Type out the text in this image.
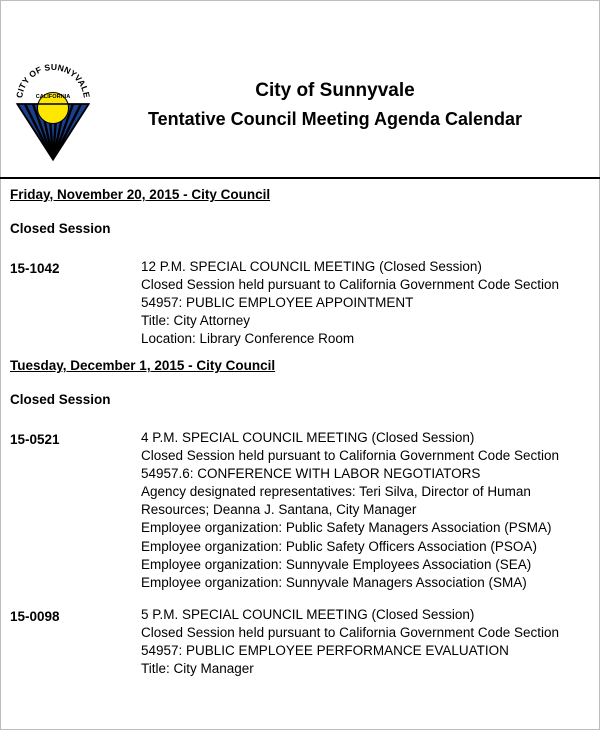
CITY OF SUNNYVALE
CALIFORNIA	City of Sunnyvale
Tentative Council Meeting Agenda Calendar
Friday, November 20, 2015 - City Council
Closed Session
15-1042	12 P.M. SPECIAL COUNCIL MEETING (Closed Session)
Closed Session held pursuant to California Government Code Section
54957: PUBLIC EMPLOYEE APPOINTMENT
Title: City Attorney
Location: Library Conference Room
Tuesday, December 1, 2015 - City Council
Closed Session
15-0521	4 P.M. SPECIAL COUNCIL MEETING (Closed Session)
Closed Session held pursuant to California Government Code Section
54957.6: CONFERENCE WITH LABOR NEGOTIATORS
Agency designated representatives: Teri Silva, Director of Human
Resources; Deanna J. Santana, City Manager
Employee organization: Public Safety Managers Association (PSMA)
Employee organization: Public Safety Officers Association (PSOA)
Employee organization: Sunnyvale Employees Association (SEA)
Employee organization: Sunnyvale Managers Association (SMA)
15-0098	5 P.M. SPECIAL COUNCIL MEETING (Closed Session)
Closed Session held pursuant to California Government Code Section
54957: PUBLIC EMPLOYEE PERFORMANCE EVALUATION
Title: City Manager
